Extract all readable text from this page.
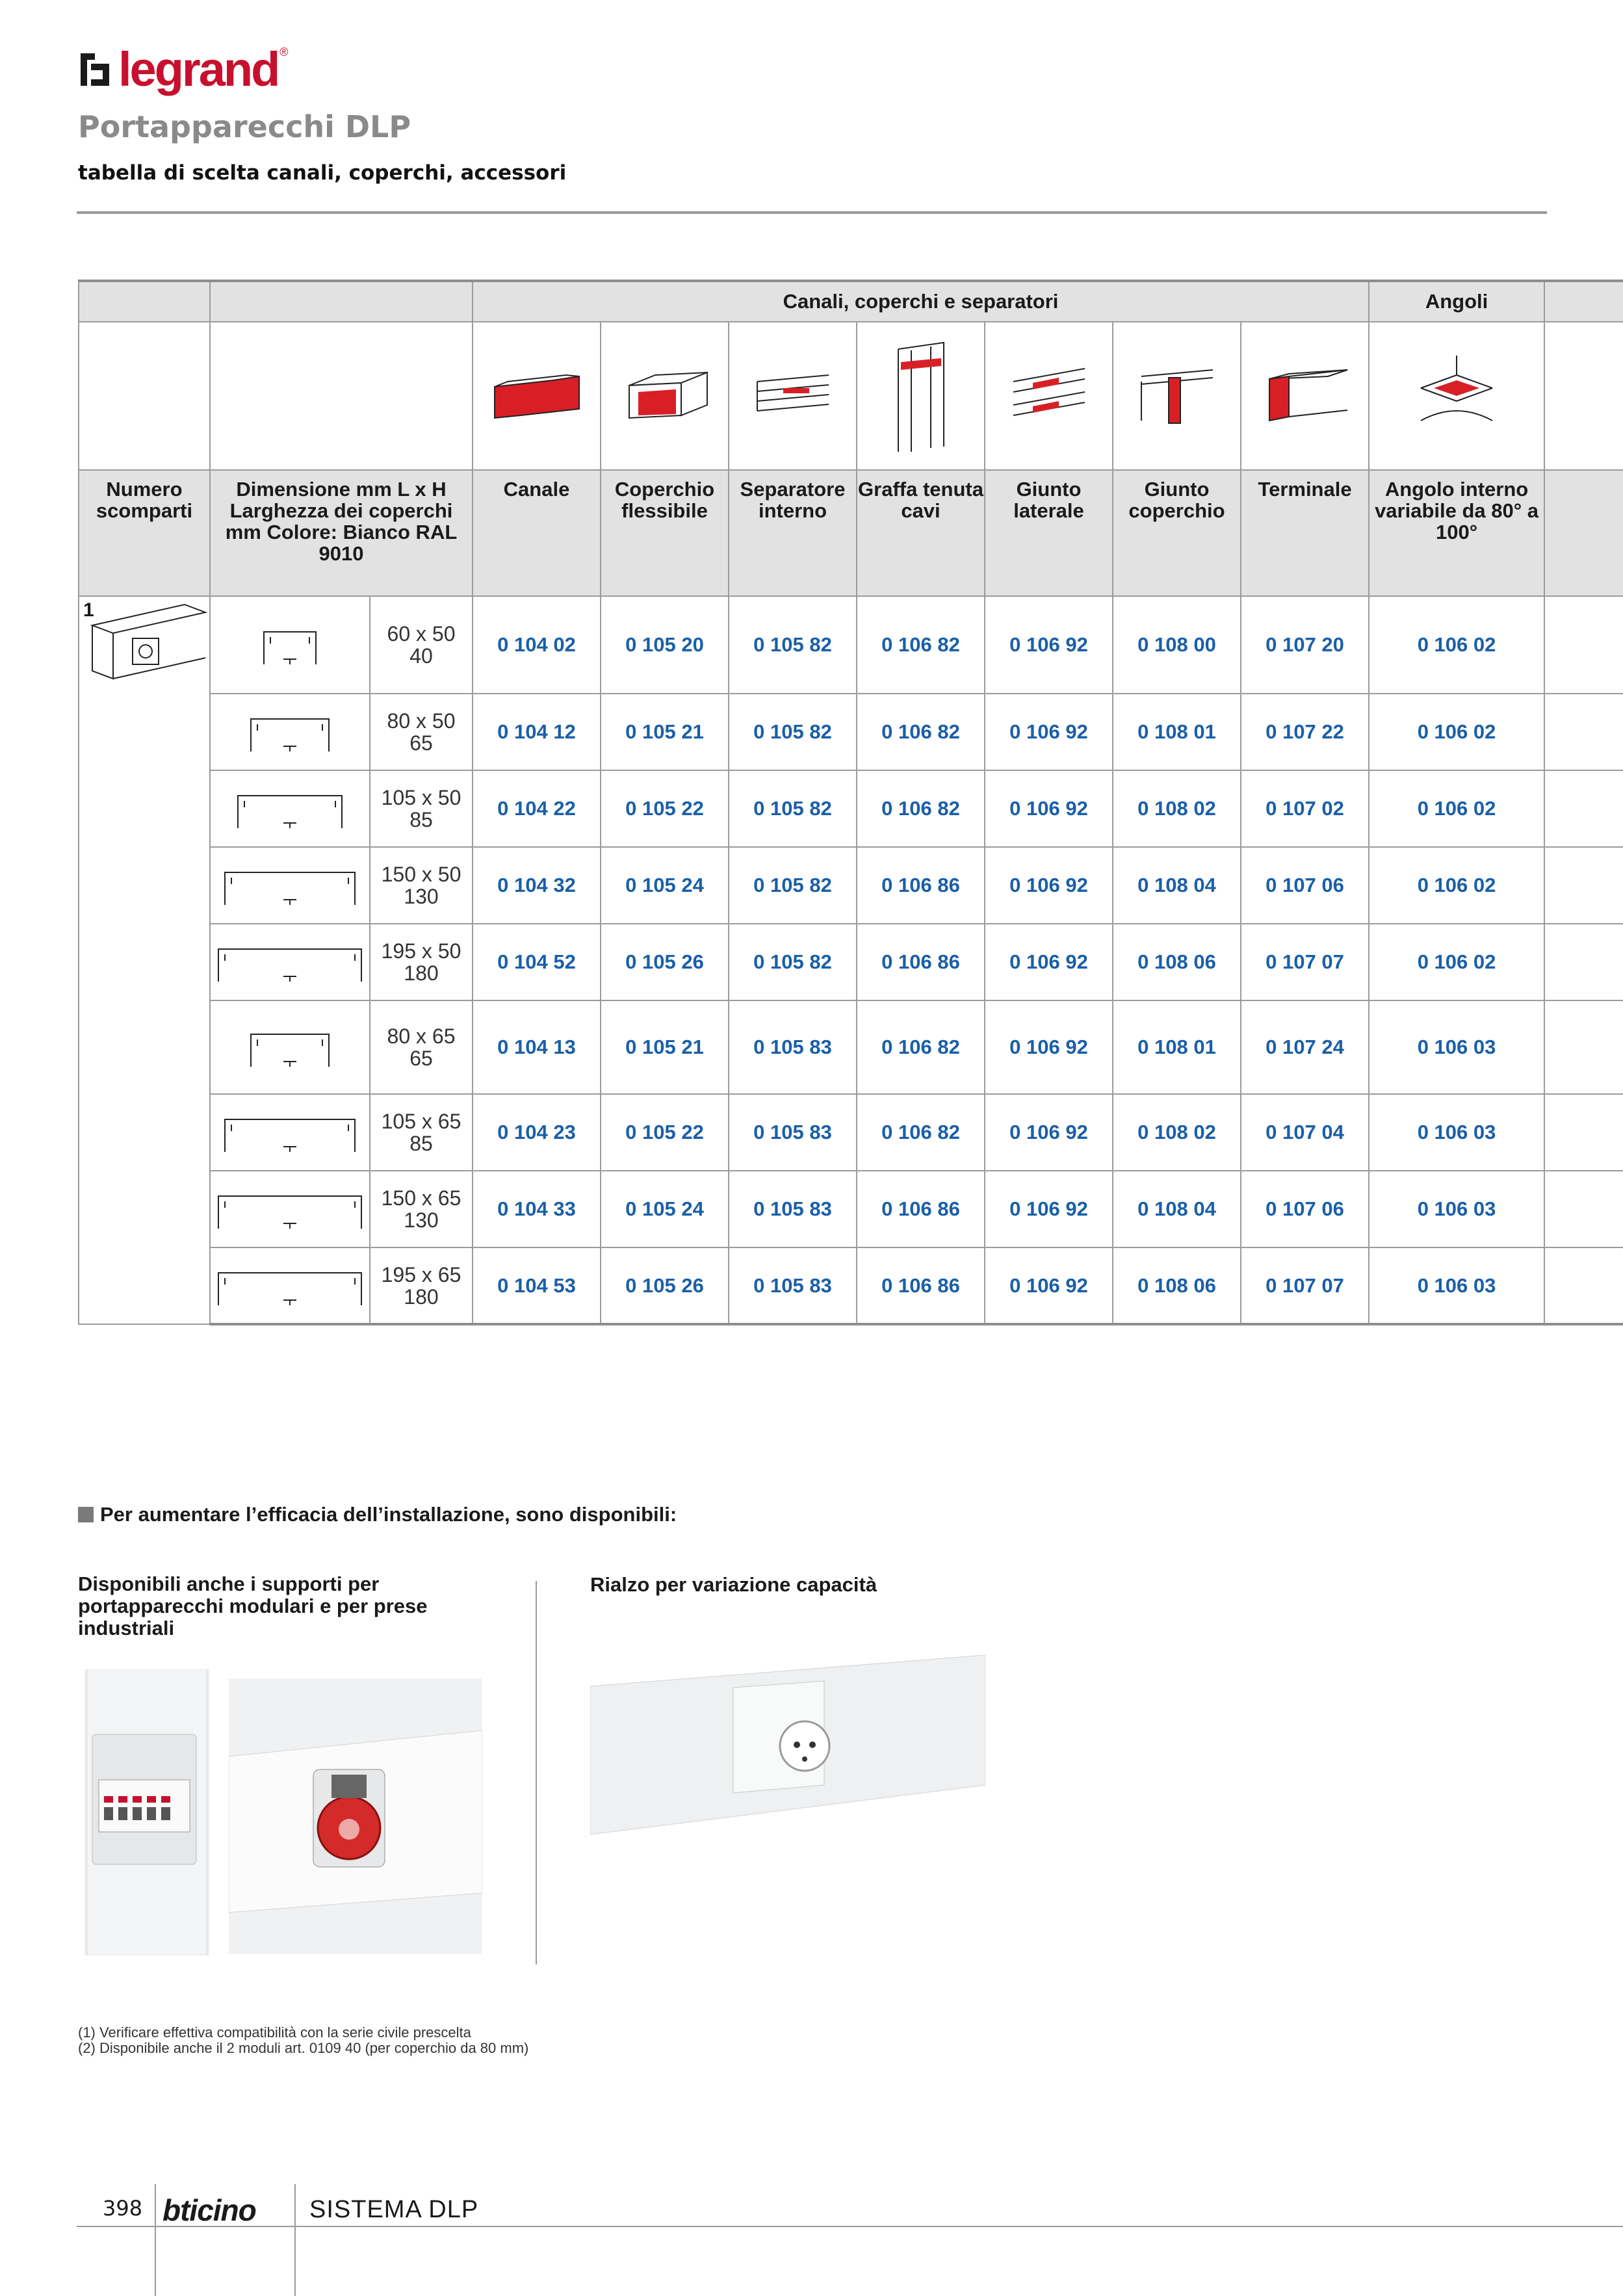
legrand ®
Portapparecchi DLP
tabella di scelta canali, coperchi, accessori
			Canali, coperchi e separatori							Angoli	

Numero scomparti	Dimensione mm L x H Larghezza dei coperchi mm Colore: Bianco RAL 9010		Canale	Coperchio flessibile	Separatore interno	Graffa tenuta cavi	Giunto laterale	Giunto coperchio	Terminale	Angolo interno variabile da 80° a 100°	

1		60 x 50
40	0 104 02	0 105 20	0 105 82	0 106 82	0 106 92	0 108 00	0 107 20	0 106 02	

80 x 50
65	0 104 12	0 105 21	0 105 82	0 106 82	0 106 92	0 108 01	0 107 22	0 106 02	

105 x 50
85	0 104 22	0 105 22	0 105 82	0 106 82	0 106 92	0 108 02	0 107 02	0 106 02	

150 x 50
130	0 104 32	0 105 24	0 105 82	0 106 86	0 106 92	0 108 04	0 107 06	0 106 02	

195 x 50
180	0 104 52	0 105 26	0 105 82	0 106 86	0 106 92	0 108 06	0 107 07	0 106 02	

80 x 65
65	0 104 13	0 105 21	0 105 83	0 106 82	0 106 92	0 108 01	0 107 24	0 106 03	

105 x 65
85	0 104 23	0 105 22	0 105 83	0 106 82	0 106 92	0 108 02	0 107 04	0 106 03	

150 x 65
130	0 104 33	0 105 24	0 105 83	0 106 86	0 106 92	0 108 04	0 107 06	0 106 03	

195 x 65
180	0 104 53	0 105 26	0 105 83	0 106 86	0 106 92	0 108 06	0 107 07	0 106 03	
Per aumentare l’efficacia dell’installazione, sono disponibili:
Disponibili anche i supporti per portapparecchi modulari e per prese industriali
Rialzo per variazione capacità
(1) Verificare effettiva compatibilità con la serie civile prescelta
(2) Disponibile anche il 2 moduli art. 0109 40 (per coperchio da 80 mm)
398 bticino SISTEMA DLP
